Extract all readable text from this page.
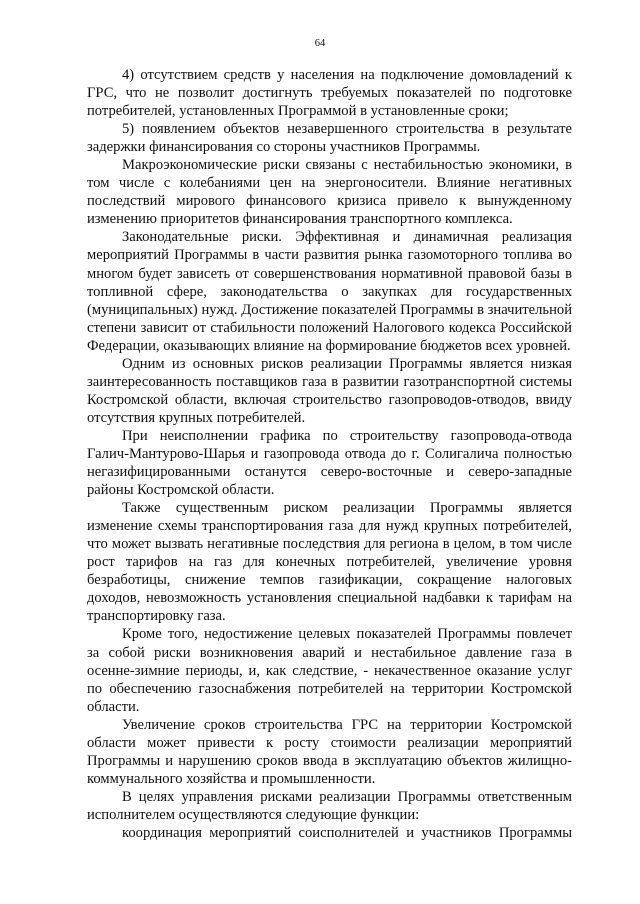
64

4) отсутствием средств у населения на подключение домовладений к ГРС, что не позволит достигнуть требуемых показателей по подготовке потребителей, установленных Программой в установленные сроки;

5) появлением объектов незавершенного строительства в результате задержки финансирования со стороны участников Программы.

Макроэкономические риски связаны с нестабильностью экономики, в том числе с колебаниями цен на энергоносители. Влияние негативных последствий мирового финансового кризиса привело к вынужденному изменению приоритетов финансирования транспортного комплекса.

Законодательные риски. Эффективная и динамичная реализация мероприятий Программы в части развития рынка газомоторного топлива во многом будет зависеть от совершенствования нормативной правовой базы в топливной сфере, законодательства о закупках для государственных (муниципальных) нужд. Достижение показателей Программы в значительной степени зависит от стабильности положений Налогового кодекса Российской Федерации, оказывающих влияние на формирование бюджетов всех уровней.

Одним из основных рисков реализации Программы является низкая заинтересованность поставщиков газа в развитии газотранспортной системы Костромской области, включая строительство газопроводов-отводов, ввиду отсутствия крупных потребителей.

При неисполнении графика по строительству газопровода-отвода Галич-Мантурово-Шарья и газопровода отвода до г. Солигалича полностью негазифицированными останутся северо-восточные и северо-западные районы Костромской области.

Также существенным риском реализации Программы является изменение схемы транспортирования газа для нужд крупных потребителей, что может вызвать негативные последствия для региона в целом, в том числе рост тарифов на газ для конечных потребителей, увеличение уровня безработицы, снижение темпов газификации, сокращение налоговых доходов, невозможность установления специальной надбавки к тарифам на транспортировку газа.

Кроме того, недостижение целевых показателей Программы повлечет за собой риски возникновения аварий и нестабильное давление газа в осенне-зимние периоды, и, как следствие, - некачественное оказание услуг по обеспечению газоснабжения потребителей на территории Костромской области.

Увеличение сроков строительства ГРС на территории Костромской области может привести к росту стоимости реализации мероприятий Программы и нарушению сроков ввода в эксплуатацию объектов жилищно-коммунального хозяйства и промышленности.

В целях управления рисками реализации Программы ответственным исполнителем осуществляются следующие функции:

координация мероприятий соисполнителей и участников Программы
